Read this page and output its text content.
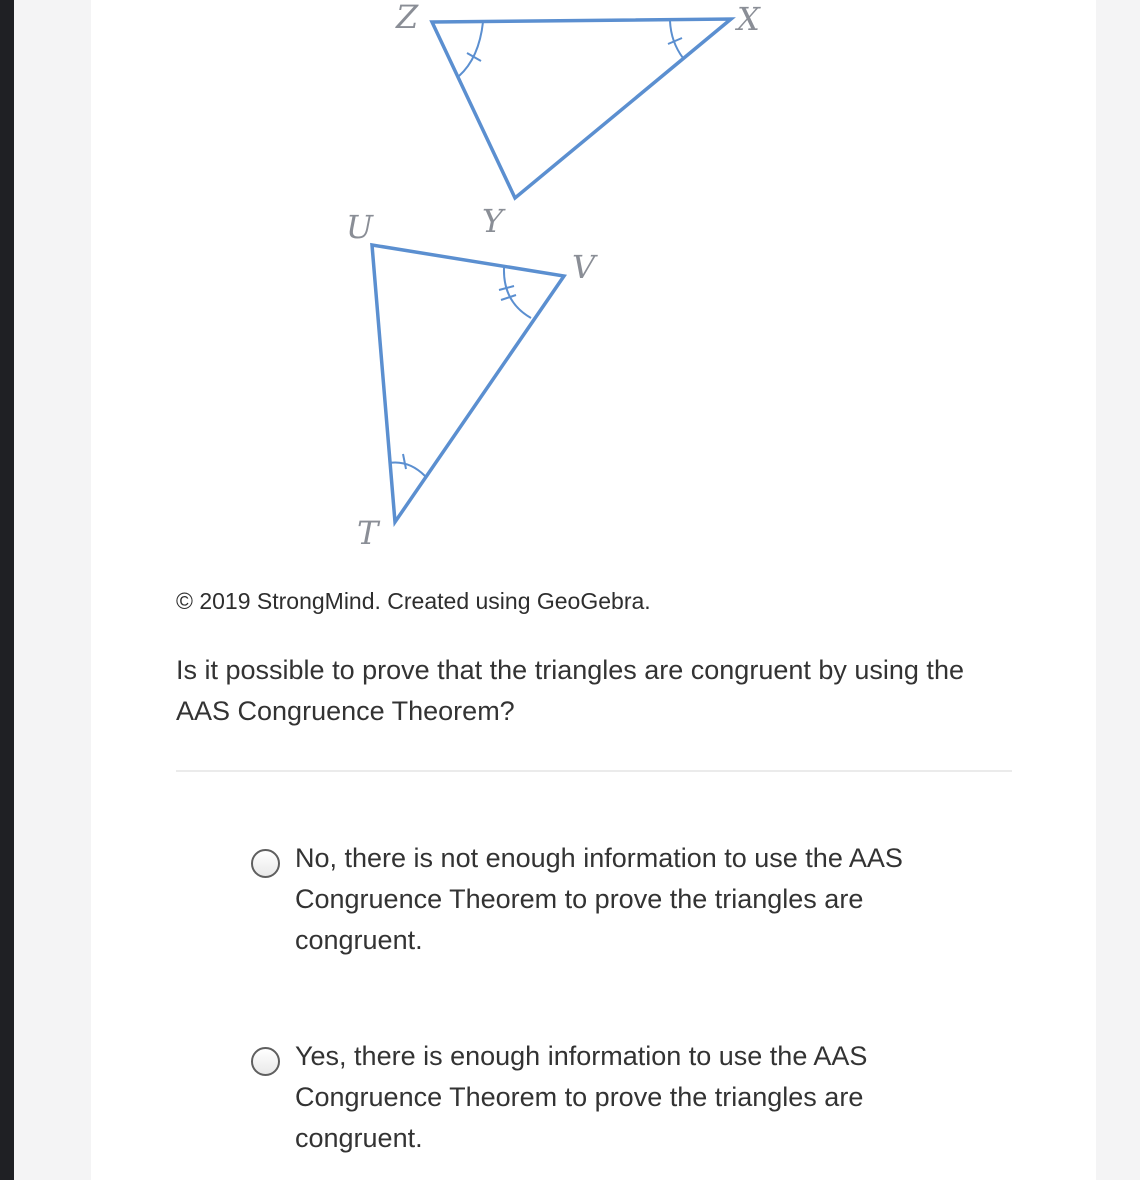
Z	X
Y
U
V
T

© 2019 StrongMind. Created using GeoGebra.

Is it possible to prove that the triangles are congruent by using the AAS Congruence Theorem?

No, there is not enough information to use the AAS Congruence Theorem to prove the triangles are congruent.

Yes, there is enough information to use the AAS Congruence Theorem to prove the triangles are congruent.
